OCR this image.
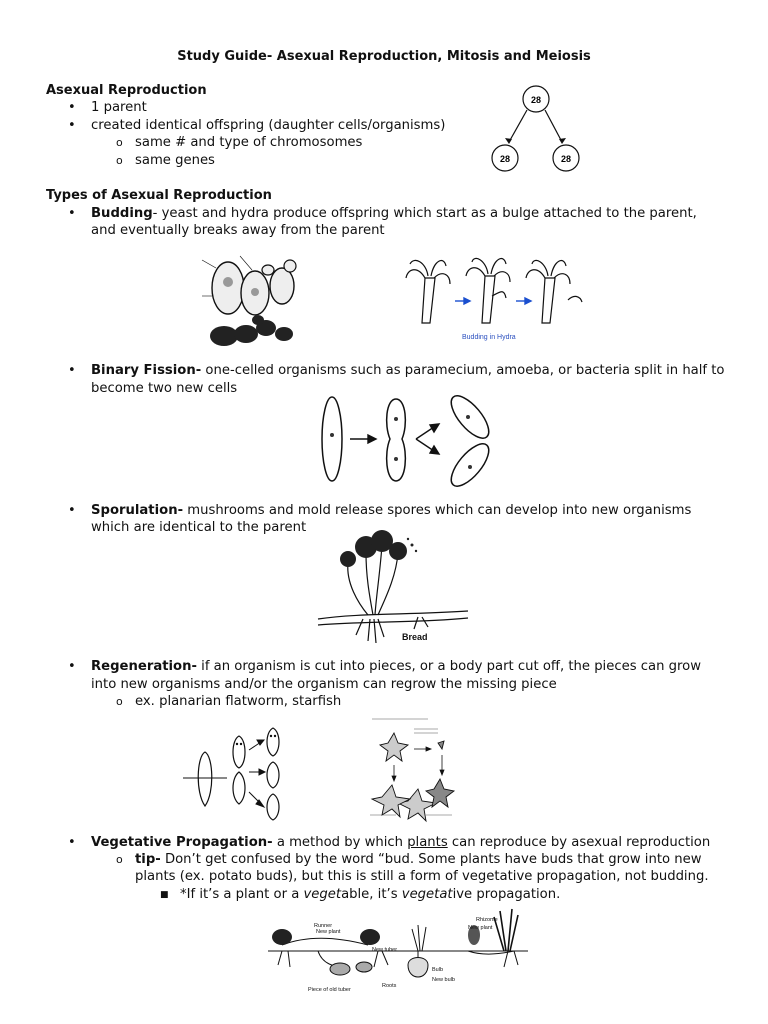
Study Guide- Asexual Reproduction, Mitosis and Meiosis
Asexual Reproduction
• 1 parent
• created identical offspring (daughter cells/organisms)
o same # and type of chromosomes
o same genes
28
28	28
Types of Asexual Reproduction
• Budding- yeast and hydra produce offspring which start as a bulge attached to the parent,
and eventually breaks away from the parent
Budding in Hydra
• Binary Fission- one-celled organisms such as paramecium, amoeba, or bacteria split in half to
become two new cells
• Sporulation- mushrooms and mold release spores which can develop into new organisms
which are identical to the parent
Bread
• Regeneration- if an organism is cut into pieces, or a body part cut off, the pieces can grow
into new organisms and/or the organism can regrow the missing piece
o ex. planarian flatworm, starfish
• Vegetative Propagation- a method by which plants can reproduce by asexual reproduction
o tip- Don’t get confused by the word “bud. Some plants have buds that grow into new
plants (ex. potato buds), but this is still a form of vegetative propagation, not budding.
■ *If it’s a plant or a vegetable, it’s vegetative propagation.
Runner
New plant
New tuber
Piece of old tuber
Roots
Rhizome
New plant
Bulb
New bulb
